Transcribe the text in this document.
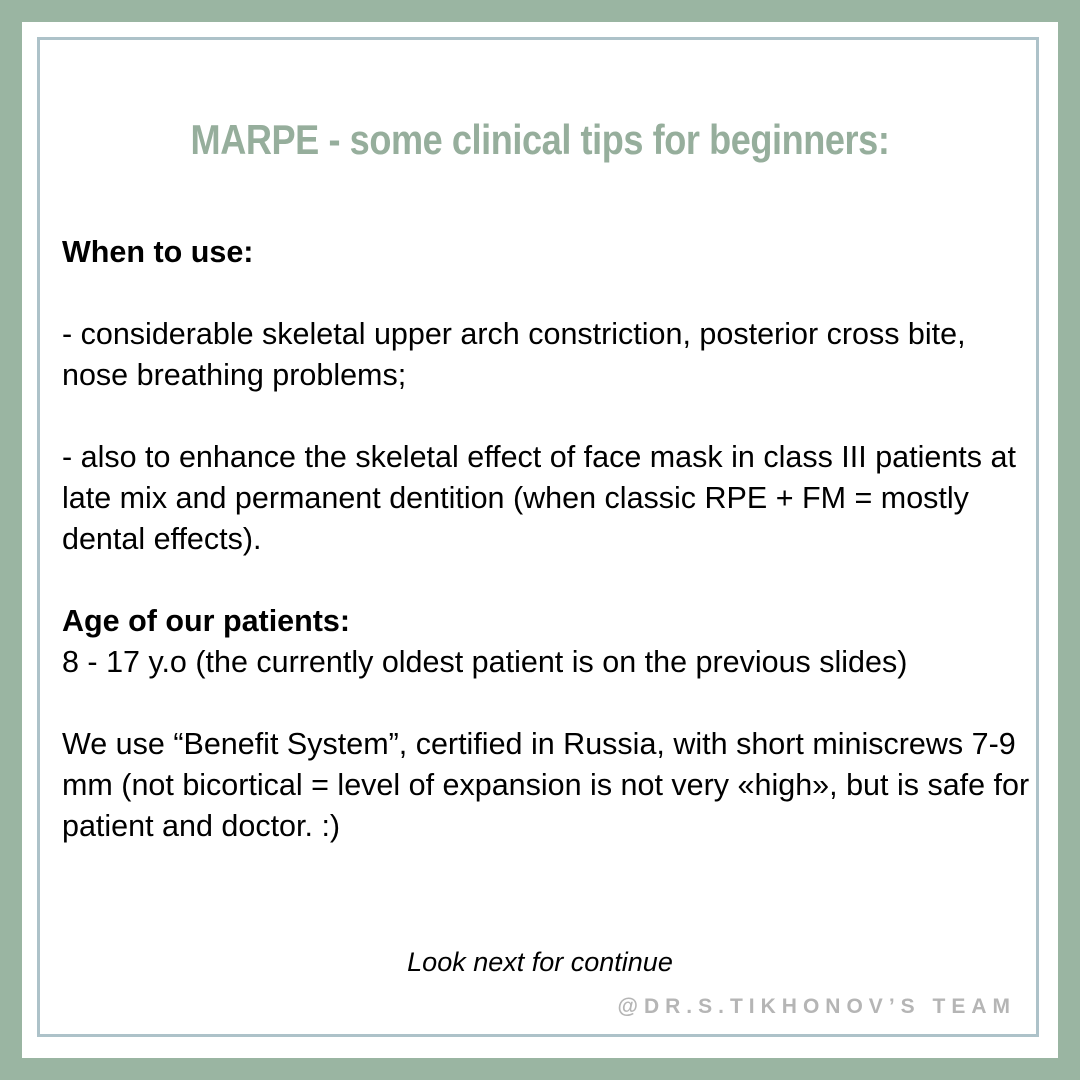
MARPE - some clinical tips for beginners:

When to use:

- considerable skeletal upper arch constriction, posterior cross bite, nose breathing problems;

- also to enhance the skeletal effect of face mask in class III patients at late mix and permanent dentition (when classic RPE + FM = mostly dental effects).

Age of our patients:

8 - 17 y.o (the currently oldest patient is on the previous slides)

We use “Benefit System”, certified in Russia, with short miniscrews 7-9 mm (not bicortical = level of expansion is not very «high», but is safe for patient and doctor. :)

Look next for continue

@DR.S.TIKHONOV’S TEAM
